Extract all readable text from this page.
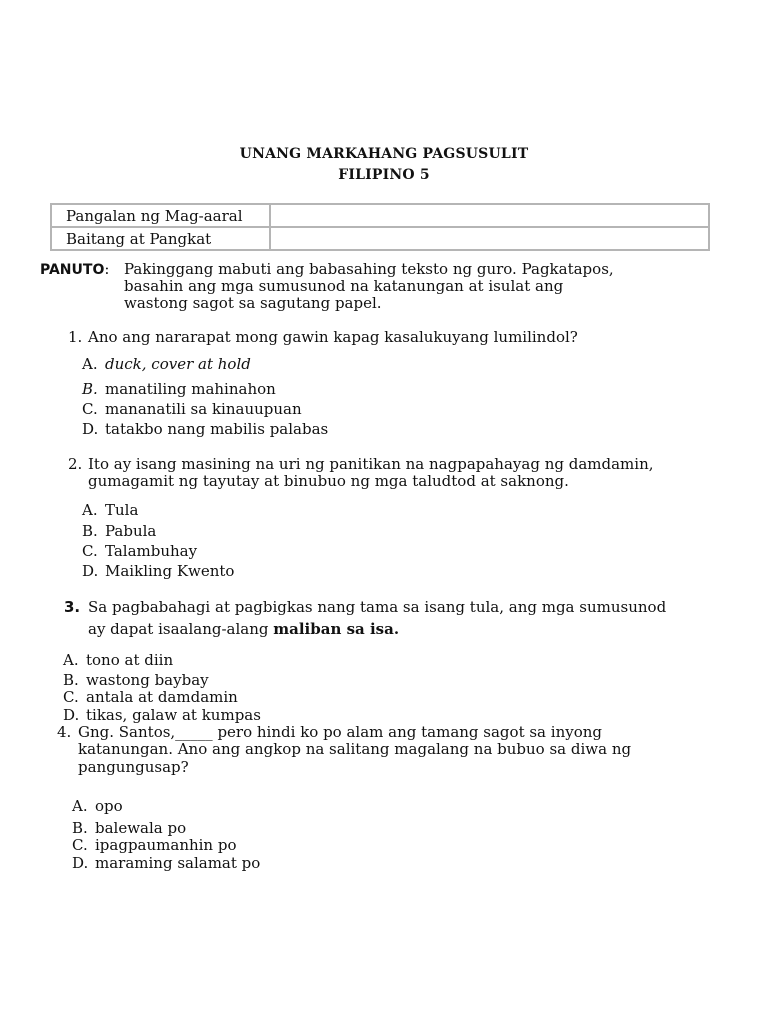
UNANG MARKAHANG PAGSUSULIT
FILIPINO 5
Pangalan ng Mag-aaral	
Baitang at Pangkat	
PANUTO: Pakinggang mabuti ang babasahing teksto ng guro. Pagkatapos,
basahin ang mga sumusunod na katanungan at isulat ang
wastong sagot sa sagutang papel.
1. Ano ang nararapat mong gawin kapag kasalukuyang lumilindol?
A. duck, cover at hold
B. manatiling mahinahon
C. mananatili sa kinauupuan
D. tatakbo nang mabilis palabas
2. Ito ay isang masining na uri ng panitikan na nagpapahayag ng damdamin,
gumagamit ng tayutay at binubuo ng mga taludtod at saknong.
A. Tula
B. Pabula
C. Talambuhay
D. Maikling Kwento
3. Sa pagbabahagi at pagbigkas nang tama sa isang tula, ang mga sumusunod
ay dapat isaalang-alang maliban sa isa.
A. tono at diin
B. wastong baybay
C. antala at damdamin
D. tikas, galaw at kumpas
4. Gng. Santos,_____ pero hindi ko po alam ang tamang sagot sa inyong
katanungan. Ano ang angkop na salitang magalang na bubuo sa diwa ng
pangungusap?
A. opo
B. balewala po
C. ipagpaumanhin po
D. maraming salamat po
